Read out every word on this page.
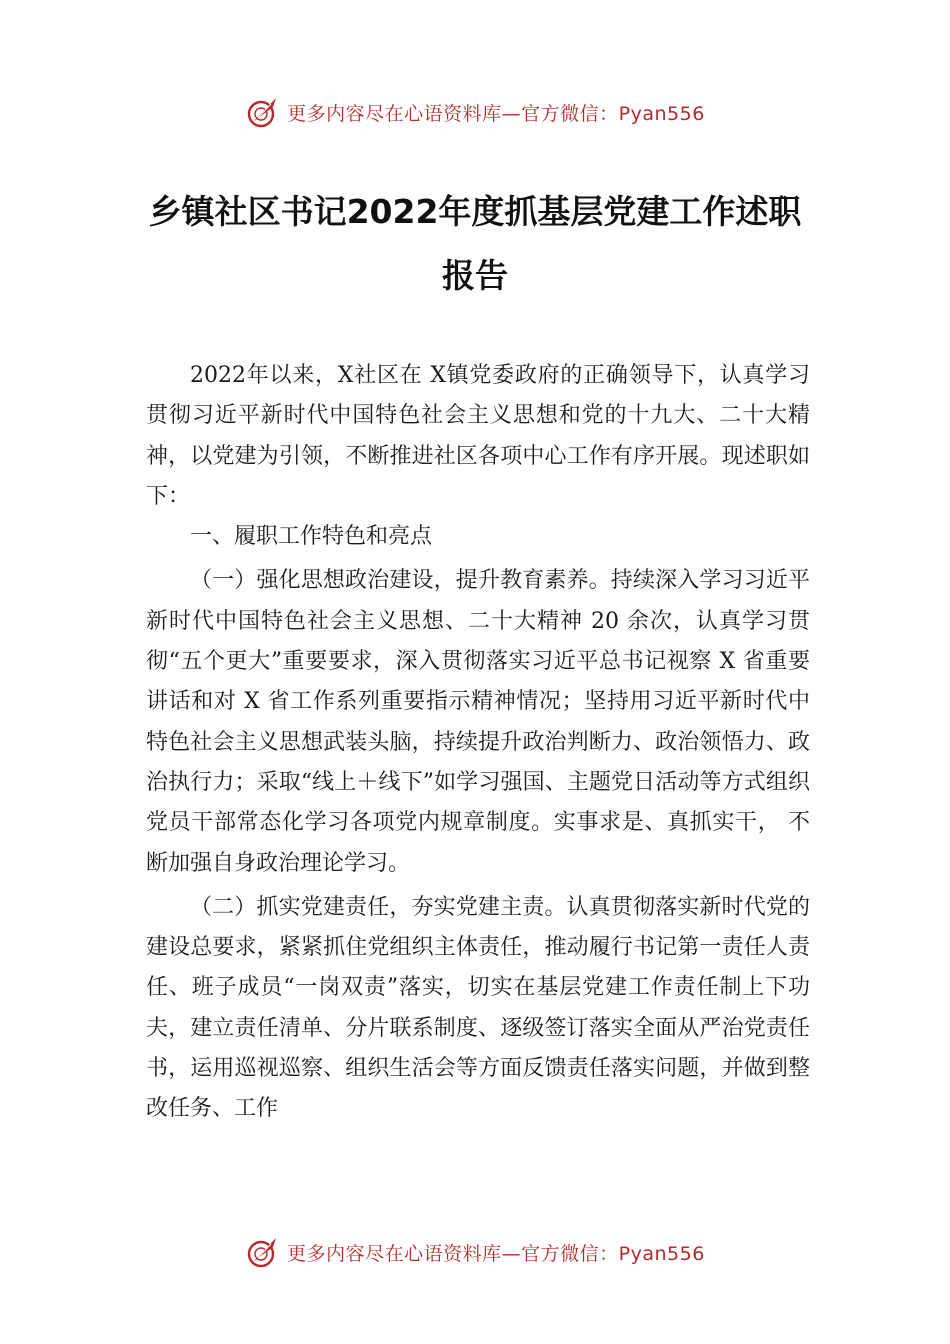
更多内容尽在心语资料库—官方微信：Pyan556
乡镇社区书记2022年度抓基层党建工作述职报告

2022年以来，X社区在 X镇党委政府的正确领导下，认真学习贯彻习近平新时代中国特色社会主义思想和党的十九大、二十大精神，以党建为引领，不断推进社区各项中心工作有序开展。现述职如下：

一、履职工作特色和亮点

（一）强化思想政治建设，提升教育素养。持续深入学习习近平新时代中国特色社会主义思想、二十大精神 20 余次，认真学习贯彻“五个更大”重要要求，深入贯彻落实习近平总书记视察 X 省重要讲话和对 X 省工作系列重要指示精神情况；坚持用习近平新时代中特色社会主义思想武装头脑，持续提升政治判断力、政治领悟力、政治执行力；采取“线上＋线下”如学习强国、主题党日活动等方式组织党员干部常态化学习各项党内规章制度。实事求是、真抓实干， 不断加强自身政治理论学习。

（二）抓实党建责任，夯实党建主责。认真贯彻落实新时代党的建设总要求，紧紧抓住党组织主体责任，推动履行书记第一责任人责任、班子成员“一岗双责”落实，切实在基层党建工作责任制上下功夫，建立责任清单、分片联系制度、逐级签订落实全面从严治党责任书，运用巡视巡察、组织生活会等方面反馈责任落实问题，并做到整改任务、工作

更多内容尽在心语资料库—官方微信：Pyan556
